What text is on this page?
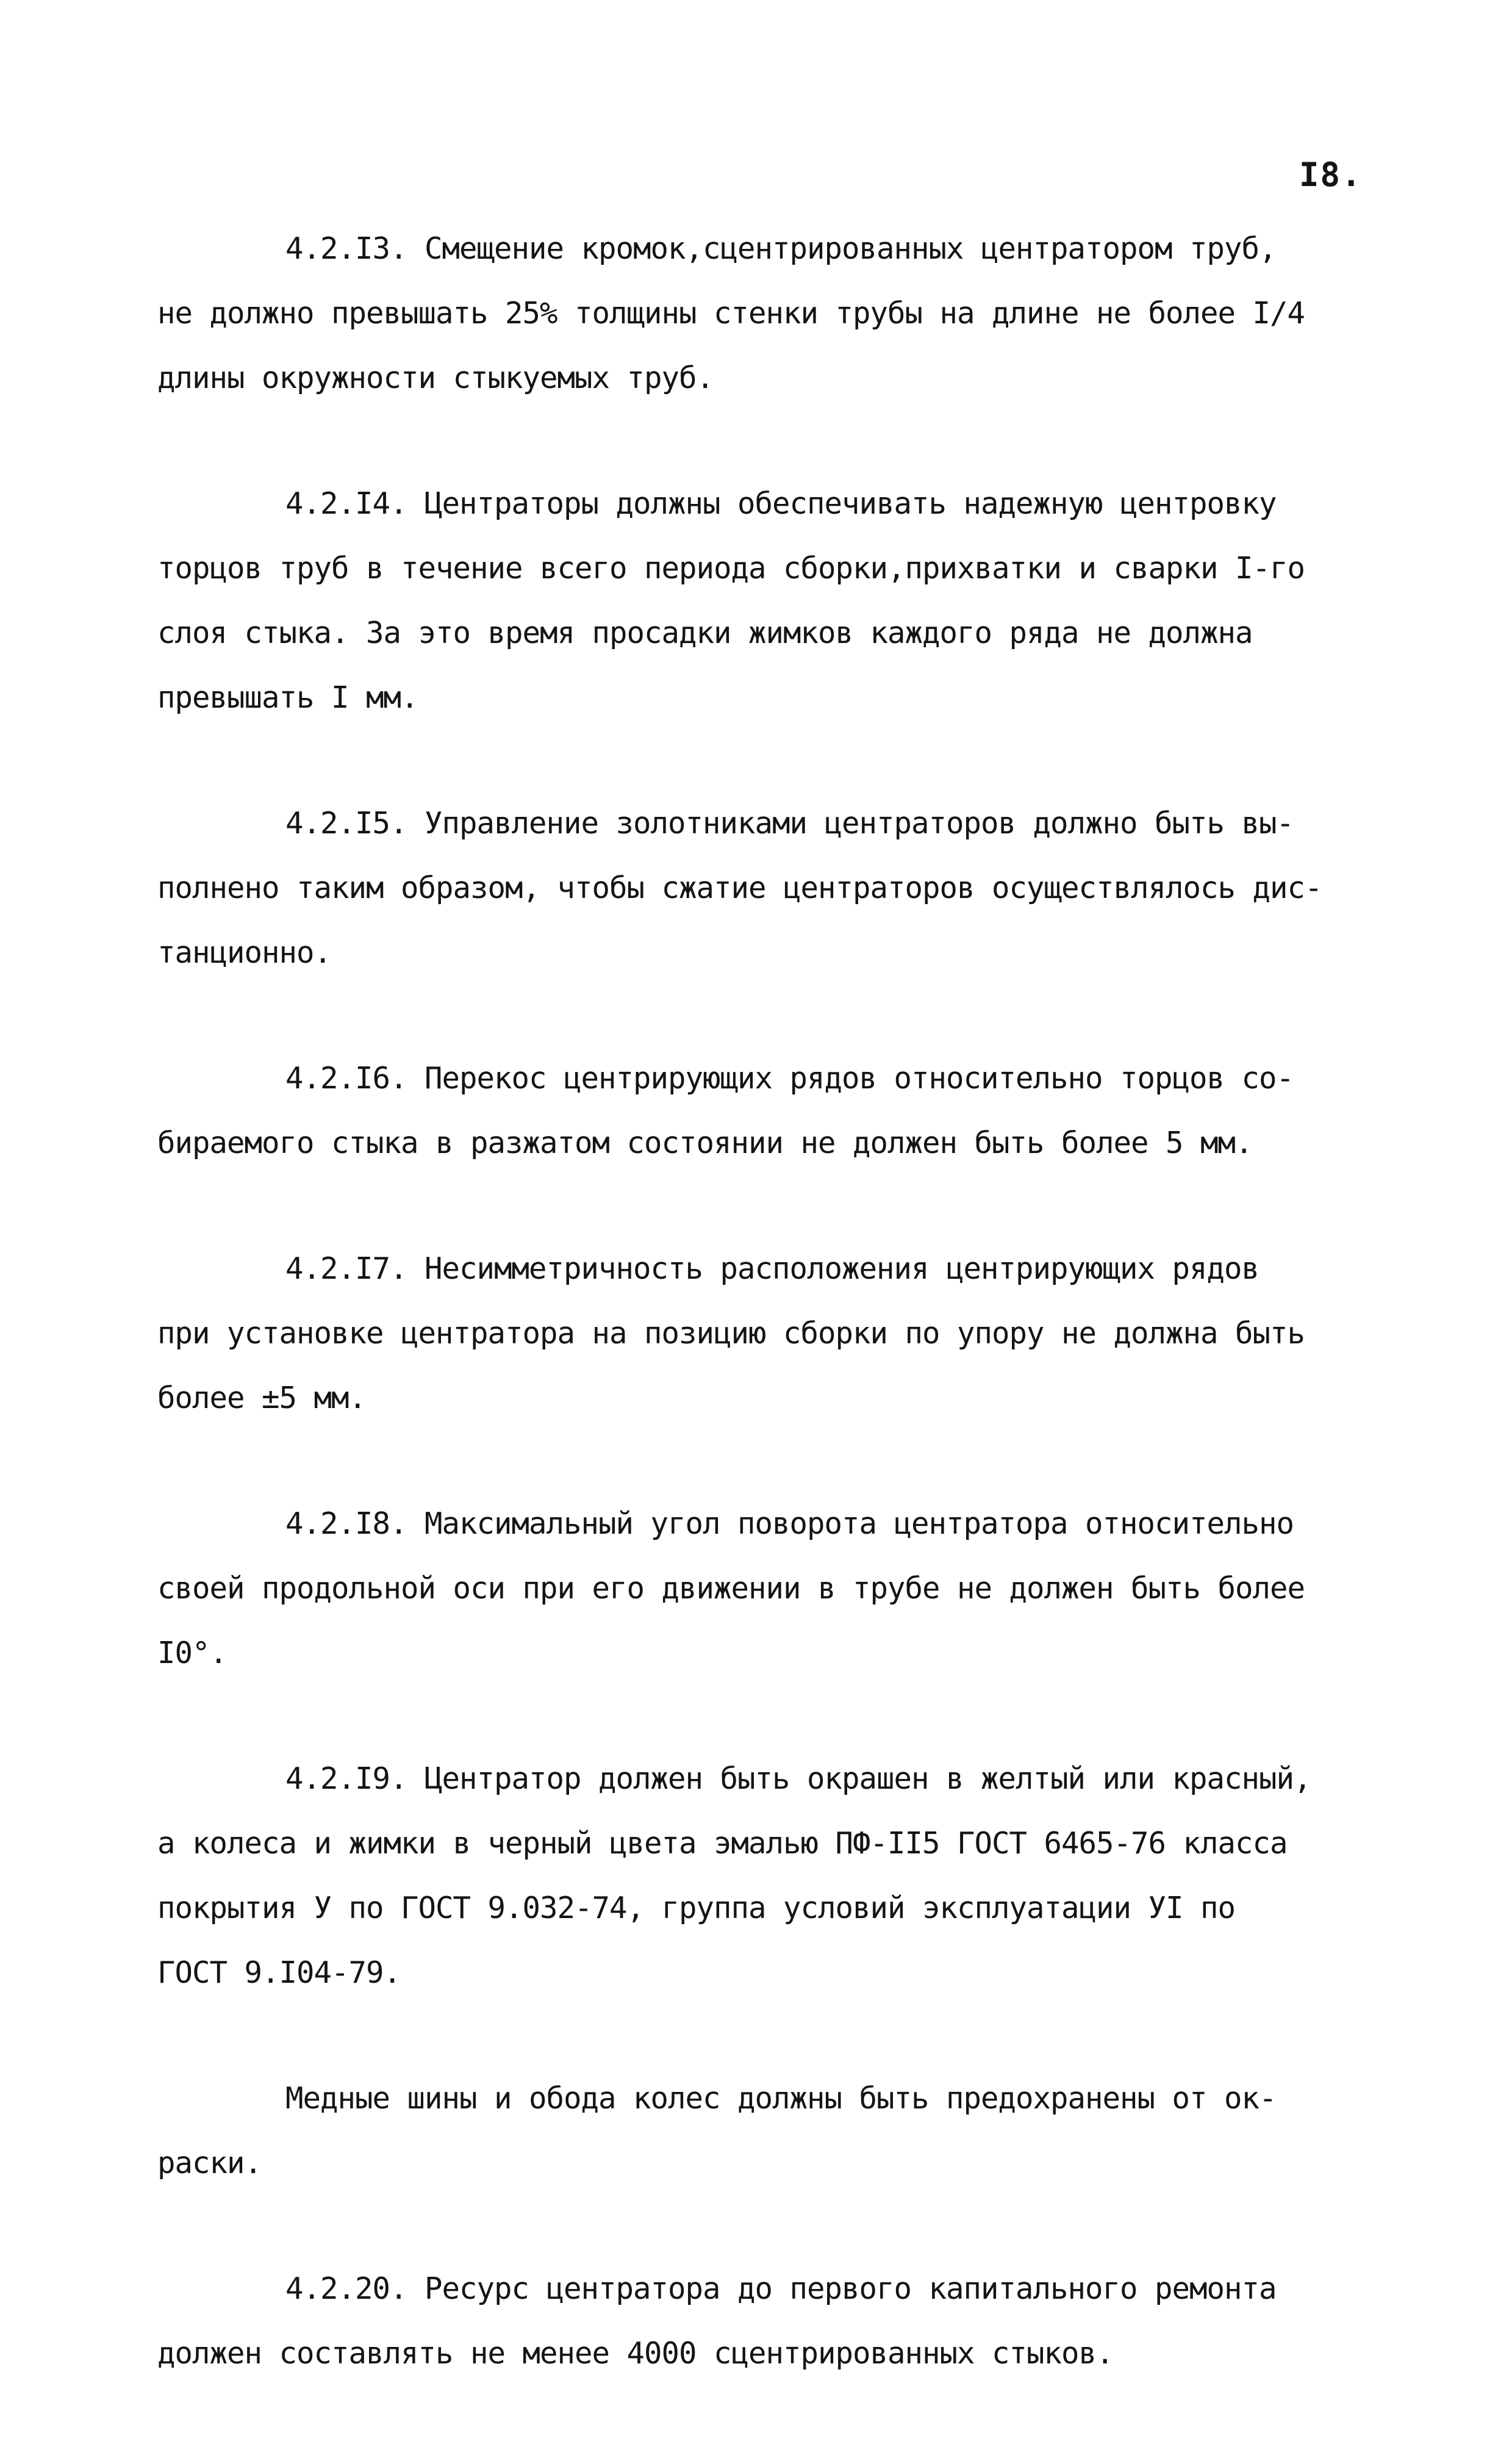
I8.
4.2.I3. Смещение кромок,сцентрированных центратором труб,
не должно превышать 25% толщины стенки трубы на длине не более I/4
длины окружности стыкуемых труб.
4.2.I4. Центраторы должны обеспечивать надежную центровку
торцов труб в течение всего периода сборки,прихватки и сварки I-го
слоя стыка. За это время просадки жимков каждого ряда не должна
превышать I мм.
4.2.I5. Управление золотниками центраторов должно быть вы-
полнено таким образом, чтобы сжатие центраторов осуществлялось дис-
танционно.
4.2.I6. Перекос центрирующих рядов относительно торцов со-
бираемого стыка в разжатом состоянии не должен быть более 5 мм.
4.2.I7. Несимметричность расположения центрирующих рядов
при установке центратора на позицию сборки по упору не должна быть
более ±5 мм.
4.2.I8. Максимальный угол поворота центратора относительно
своей продольной оси при его движении в трубе не должен быть более
I0°.
4.2.I9. Центратор должен быть окрашен в желтый или красный,
а колеса и жимки в черный цвета эмалью ПФ-II5 ГОСТ 6465-76 класса
покрытия У по ГОСТ 9.032-74, группа условий эксплуатации УI по
ГОСТ 9.I04-79.
Медные шины и обода колес должны быть предохранены от ок-
раски.
4.2.20. Ресурс центратора до первого капитального ремонта
должен составлять не менее 4000 сцентрированных стыков.
